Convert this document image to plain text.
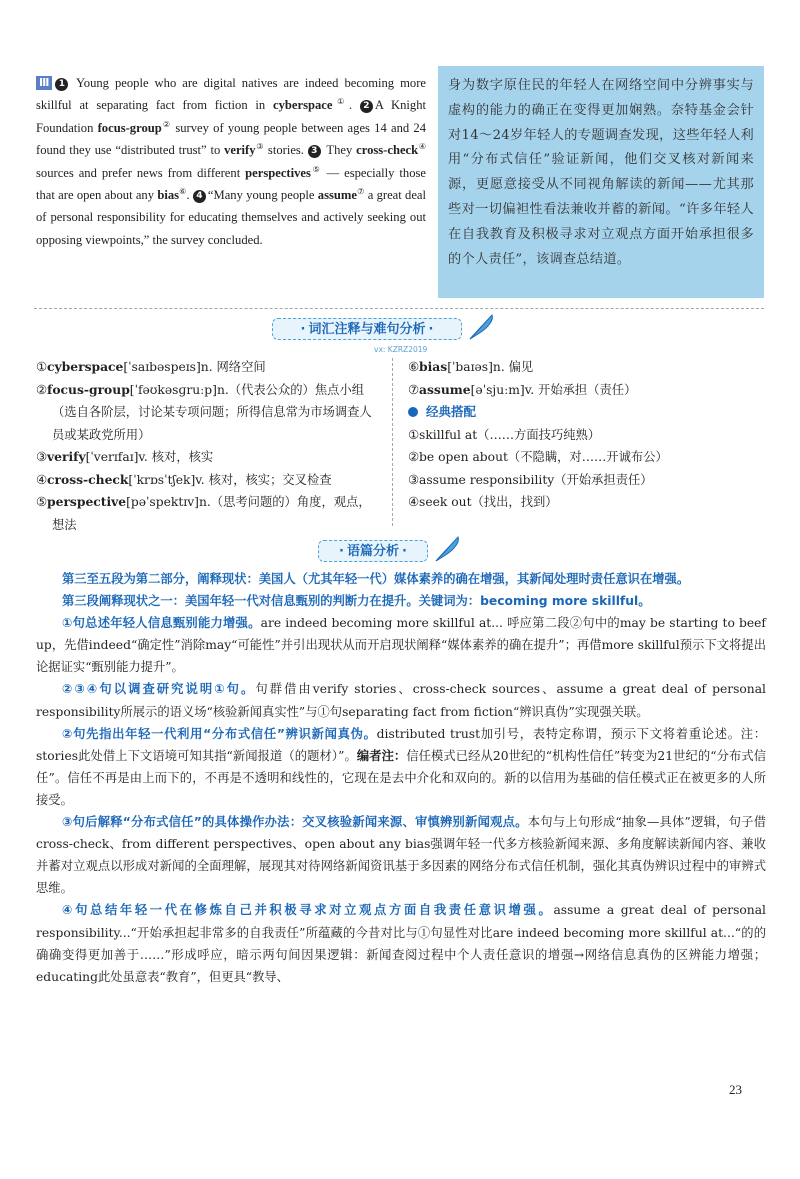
Ⅲ 1 Young people who are digital natives are indeed becoming more skillful at separating fact from fiction in cyberspace①. 2 A Knight Foundation focus-group② survey of young people between ages 14 and 24 found they use “distributed trust” to verify③ stories. 3 They cross-check④ sources and prefer news from different perspectives⑤ — especially those that are open about any bias⑥. 4 “Many young people assume⑦ a great deal of personal responsibility for educating themselves and actively seeking out opposing viewpoints,” the survey concluded.
身为数字原住民的年轻人在网络空间中分辨事实与虚构的能力的确正在变得更加娴熟。奈特基金会针对14～24岁年轻人的专题调查发现，这些年轻人利用“分布式信任”验证新闻，他们交叉核对新闻来源，更愿意接受从不同视角解读的新闻——尤其那些对一切偏袒性看法兼收并蓄的新闻。“许多年轻人在自我教育及积极寻求对立观点方面开始承担很多的个人责任”，该调查总结道。
· 词汇注释与难句分析 ·
vx: KZRZ2019
①cyberspace[ˈsaɪbəspeɪs]n. 网络空间
②focus-group[ˈfəʊkəsɡruːp]n.（代表公众的）焦点小组（选自各阶层，讨论某专项问题；所得信息常为市场调查人员或某政党所用）
③verify[ˈverɪfaɪ]v. 核对，核实
④cross-check[ˈkrɒsˈtʃek]v. 核对，核实；交叉检查
⑤perspective[pəˈspektɪv]n.（思考问题的）角度，观点，想法
⑥bias[ˈbaɪəs]n. 偏见
⑦assume[əˈsjuːm]v. 开始承担（责任）
经典搭配
①skillful at（……方面技巧纯熟）
②be open about（不隐瞒，对……开诚布公）
③assume responsibility（开始承担责任）
④seek out（找出，找到）
· 语篇分析 ·

第三至五段为第二部分，阐释现状：美国人（尤其年轻一代）媒体素养的确在增强，其新闻处理时责任意识在增强。

第三段阐释现状之一：美国年轻一代对信息甄别的判断力在提升。关键词为：becoming more skillful。

①句总述年轻人信息甄别能力增强。are indeed becoming more skillful at... 呼应第二段②句中的may be starting to beef up，先借indeed“确定性”消除may“可能性”并引出现状从而开启现状阐释“媒体素养的确在提升”；再借more skillful预示下文将提出论据证实“甄别能力提升”。

②③④句以调查研究说明①句。句群借由verify stories、cross-check sources、assume a great deal of personal responsibility所展示的语义场“核验新闻真实性”与①句separating fact from fiction“辨识真伪”实现强关联。

②句先指出年轻一代利用“分布式信任”辨识新闻真伪。distributed trust加引号，表特定称谓，预示下文将着重论述。注：stories此处借上下文语境可知其指“新闻报道（的题材）”。编者注：信任模式已经从20世纪的“机构性信任”转变为21世纪的“分布式信任”。信任不再是由上而下的，不再是不透明和线性的，它现在是去中介化和双向的。新的以信用为基础的信任模式正在被更多的人所接受。

③句后解释“分布式信任”的具体操作办法：交叉核验新闻来源、审慎辨别新闻观点。本句与上句形成“抽象—具体”逻辑，句子借cross-check、from different perspectives、open about any bias强调年轻一代多方核验新闻来源、多角度解读新闻内容、兼收并蓄对立观点以形成对新闻的全面理解，展现其对待网络新闻资讯基于多因素的网络分布式信任机制，强化其真伪辨识过程中的审辨式思维。

④句总结年轻一代在修炼自己并积极寻求对立观点方面自我责任意识增强。assume a great deal of personal responsibility...“开始承担起非常多的自我责任”所蕴藏的今昔对比与①句显性对比are indeed becoming more skillful at...“的的确确变得更加善于……”形成呼应，暗示两句间因果逻辑：新闻查阅过程中个人责任意识的增强→网络信息真伪的区辨能力增强；educating此处虽意表“教育”，但更具“教导、

23
